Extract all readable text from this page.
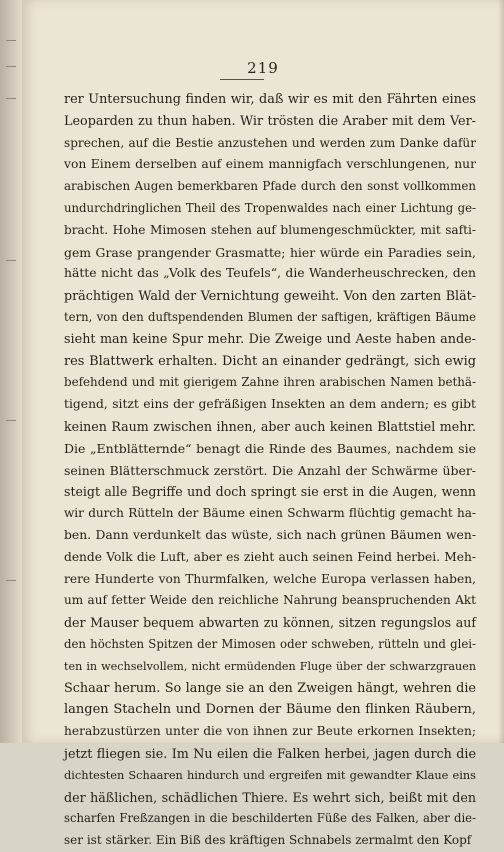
219
rer Untersuchung finden wir, daß wir es mit den Fährten eines
Leoparden zu thun haben. Wir trösten die Araber mit dem Ver-
sprechen, auf die Bestie anzustehen und werden zum Danke dafür
von Einem derselben auf einem mannigfach verschlungenen, nur
arabischen Augen bemerkbaren Pfade durch den sonst vollkommen
undurchdringlichen Theil des Tropenwaldes nach einer Lichtung ge-
bracht. Hohe Mimosen stehen auf blumengeschmückter, mit safti-
gem Grase prangender Grasmatte; hier würde ein Paradies sein,
hätte nicht das „Volk des Teufels“, die Wanderheuschrecken, den
prächtigen Wald der Vernichtung geweiht. Von den zarten Blät-
tern, von den duftspendenden Blumen der saftigen, kräftigen Bäume
sieht man keine Spur mehr. Die Zweige und Aeste haben ande-
res Blattwerk erhalten. Dicht an einander gedrängt, sich ewig
befehdend und mit gierigem Zahne ihren arabischen Namen bethä-
tigend, sitzt eins der gefräßigen Insekten an dem andern; es gibt
keinen Raum zwischen ihnen, aber auch keinen Blattstiel mehr.
Die „Entblätternde“ benagt die Rinde des Baumes, nachdem sie
seinen Blätterschmuck zerstört. Die Anzahl der Schwärme über-
steigt alle Begriffe und doch springt sie erst in die Augen, wenn
wir durch Rütteln der Bäume einen Schwarm flüchtig gemacht ha-
ben. Dann verdunkelt das wüste, sich nach grünen Bäumen wen-
dende Volk die Luft, aber es zieht auch seinen Feind herbei. Meh-
rere Hunderte von Thurmfalken, welche Europa verlassen haben,
um auf fetter Weide den reichliche Nahrung beanspruchenden Akt
der Mauser bequem abwarten zu können, sitzen regungslos auf
den höchsten Spitzen der Mimosen oder schweben, rütteln und glei-
ten in wechselvollem, nicht ermüdenden Fluge über der schwarzgrauen
Schaar herum. So lange sie an den Zweigen hängt, wehren die
langen Stacheln und Dornen der Bäume den flinken Räubern,
herabzustürzen unter die von ihnen zur Beute erkornen Insekten;
jetzt fliegen sie. Im Nu eilen die Falken herbei, jagen durch die
dichtesten Schaaren hindurch und ergreifen mit gewandter Klaue eins
der häßlichen, schädlichen Thiere. Es wehrt sich, beißt mit den
scharfen Freßzangen in die beschilderten Füße des Falken, aber die-
ser ist stärker. Ein Biß des kräftigen Schnabels zermalmt den Kopf
